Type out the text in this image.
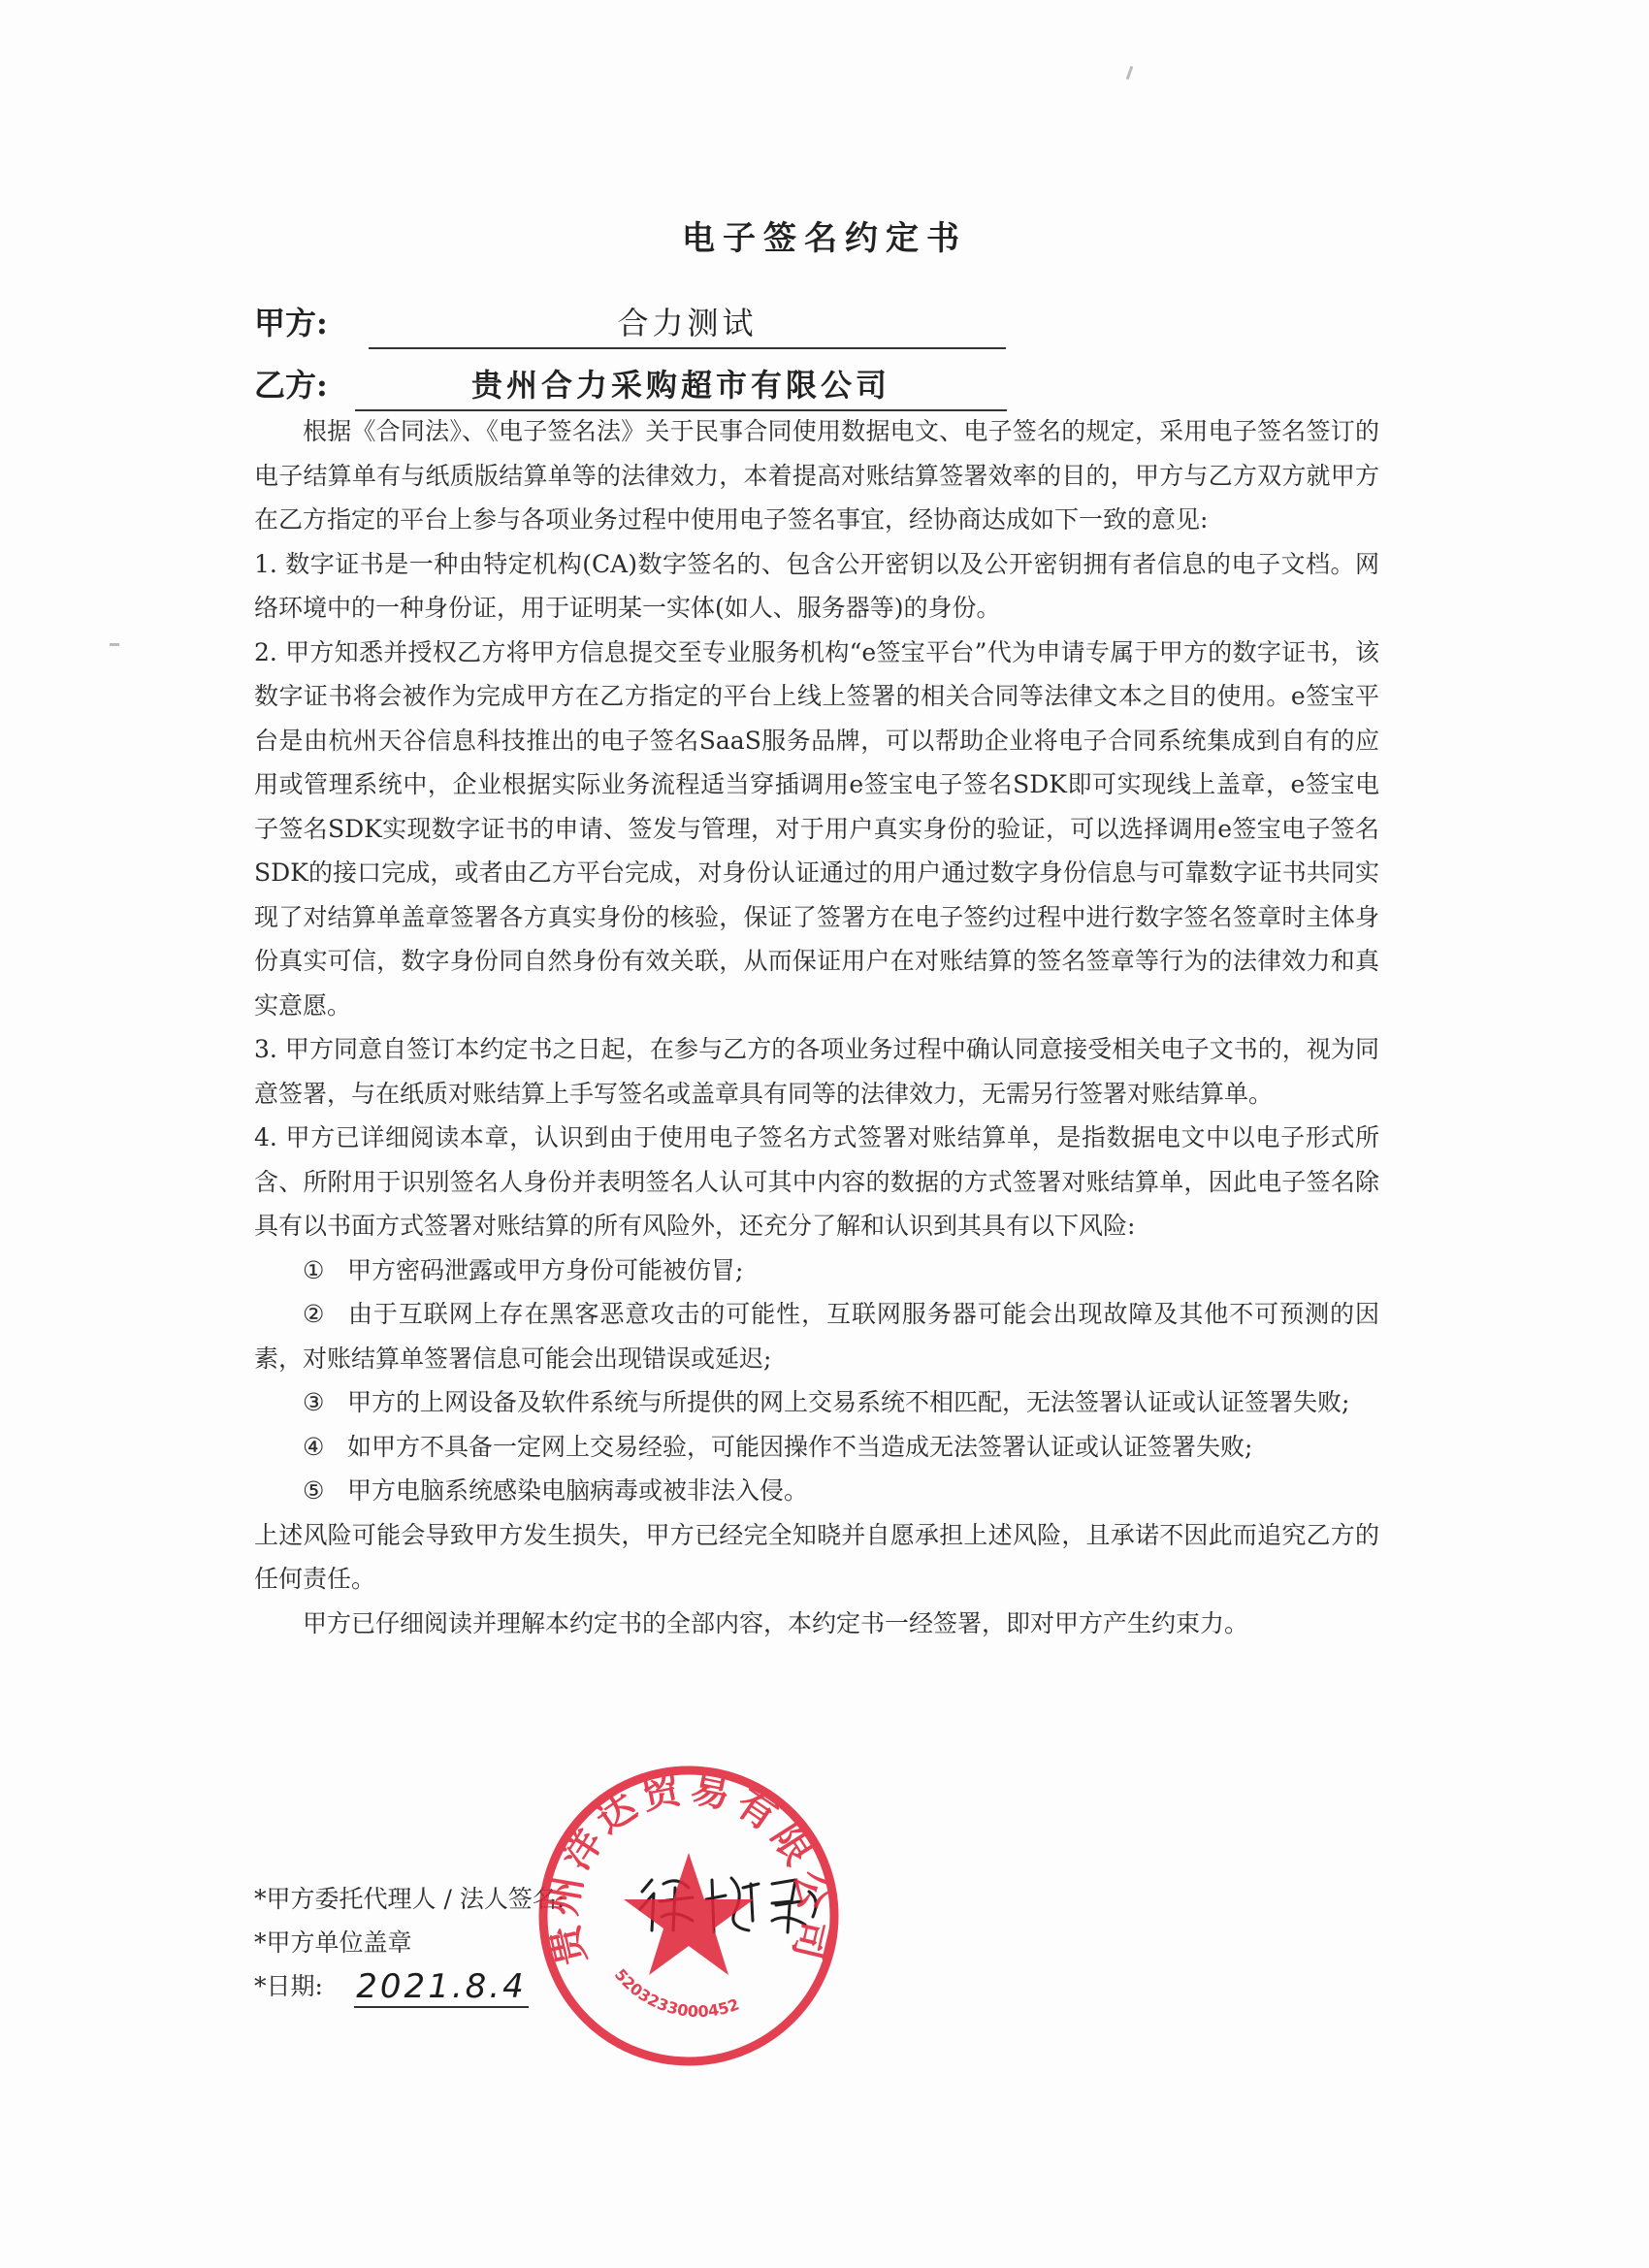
电子签名约定书
甲方:	合力测试
乙方:	贵州合力采购超市有限公司

根据《合同法》、《电子签名法》关于民事合同使用数据电文、电子签名的规定，采用电子签名签订的电子结算单有与纸质版结算单等的法律效力，本着提高对账结算签署效率的目的，甲方与乙方双方就甲方在乙方指定的平台上参与各项业务过程中使用电子签名事宜，经协商达成如下一致的意见:

1. 数字证书是一种由特定机构(CA)数字签名的、包含公开密钥以及公开密钥拥有者信息的电子文档。网络环境中的一种身份证，用于证明某一实体(如人、服务器等)的身份。

2. 甲方知悉并授权乙方将甲方信息提交至专业服务机构“e签宝平台”代为申请专属于甲方的数字证书，该数字证书将会被作为完成甲方在乙方指定的平台上线上签署的相关合同等法律文本之目的使用。e签宝平台是由杭州天谷信息科技推出的电子签名SaaS服务品牌，可以帮助企业将电子合同系统集成到自有的应用或管理系统中，企业根据实际业务流程适当穿插调用e签宝电子签名SDK即可实现线上盖章，e签宝电子签名SDK实现数字证书的申请、签发与管理，对于用户真实身份的验证，可以选择调用e签宝电子签名SDK的接口完成，或者由乙方平台完成，对身份认证通过的用户通过数字身份信息与可靠数字证书共同实现了对结算单盖章签署各方真实身份的核验，保证了签署方在电子签约过程中进行数字签名签章时主体身份真实可信，数字身份同自然身份有效关联，从而保证用户在对账结算的签名签章等行为的法律效力和真实意愿。

3. 甲方同意自签订本约定书之日起，在参与乙方的各项业务过程中确认同意接受相关电子文书的，视为同意签署，与在纸质对账结算上手写签名或盖章具有同等的法律效力，无需另行签署对账结算单。

4. 甲方已详细阅读本章，认识到由于使用电子签名方式签署对账结算单，是指数据电文中以电子形式所含、所附用于识别签名人身份并表明签名人认可其中内容的数据的方式签署对账结算单，因此电子签名除具有以书面方式签署对账结算的所有风险外，还充分了解和认识到其具有以下风险:

① 甲方密码泄露或甲方身份可能被仿冒;

② 由于互联网上存在黑客恶意攻击的可能性，互联网服务器可能会出现故障及其他不可预测的因素，对账结算单签署信息可能会出现错误或延迟;

③ 甲方的上网设备及软件系统与所提供的网上交易系统不相匹配，无法签署认证或认证签署失败;

④ 如甲方不具备一定网上交易经验，可能因操作不当造成无法签署认证或认证签署失败;

⑤ 甲方电脑系统感染电脑病毒或被非法入侵。

上述风险可能会导致甲方发生损失，甲方已经完全知晓并自愿承担上述风险，且承诺不因此而追究乙方的任何责任。

甲方已仔细阅读并理解本约定书的全部内容，本约定书一经签署，即对甲方产生约束力。

*甲方委托代理人 / 法人签名:
*甲方单位盖章
*日期: 2021.8.4
贵州洋达贸易有限公司
5203233000452
